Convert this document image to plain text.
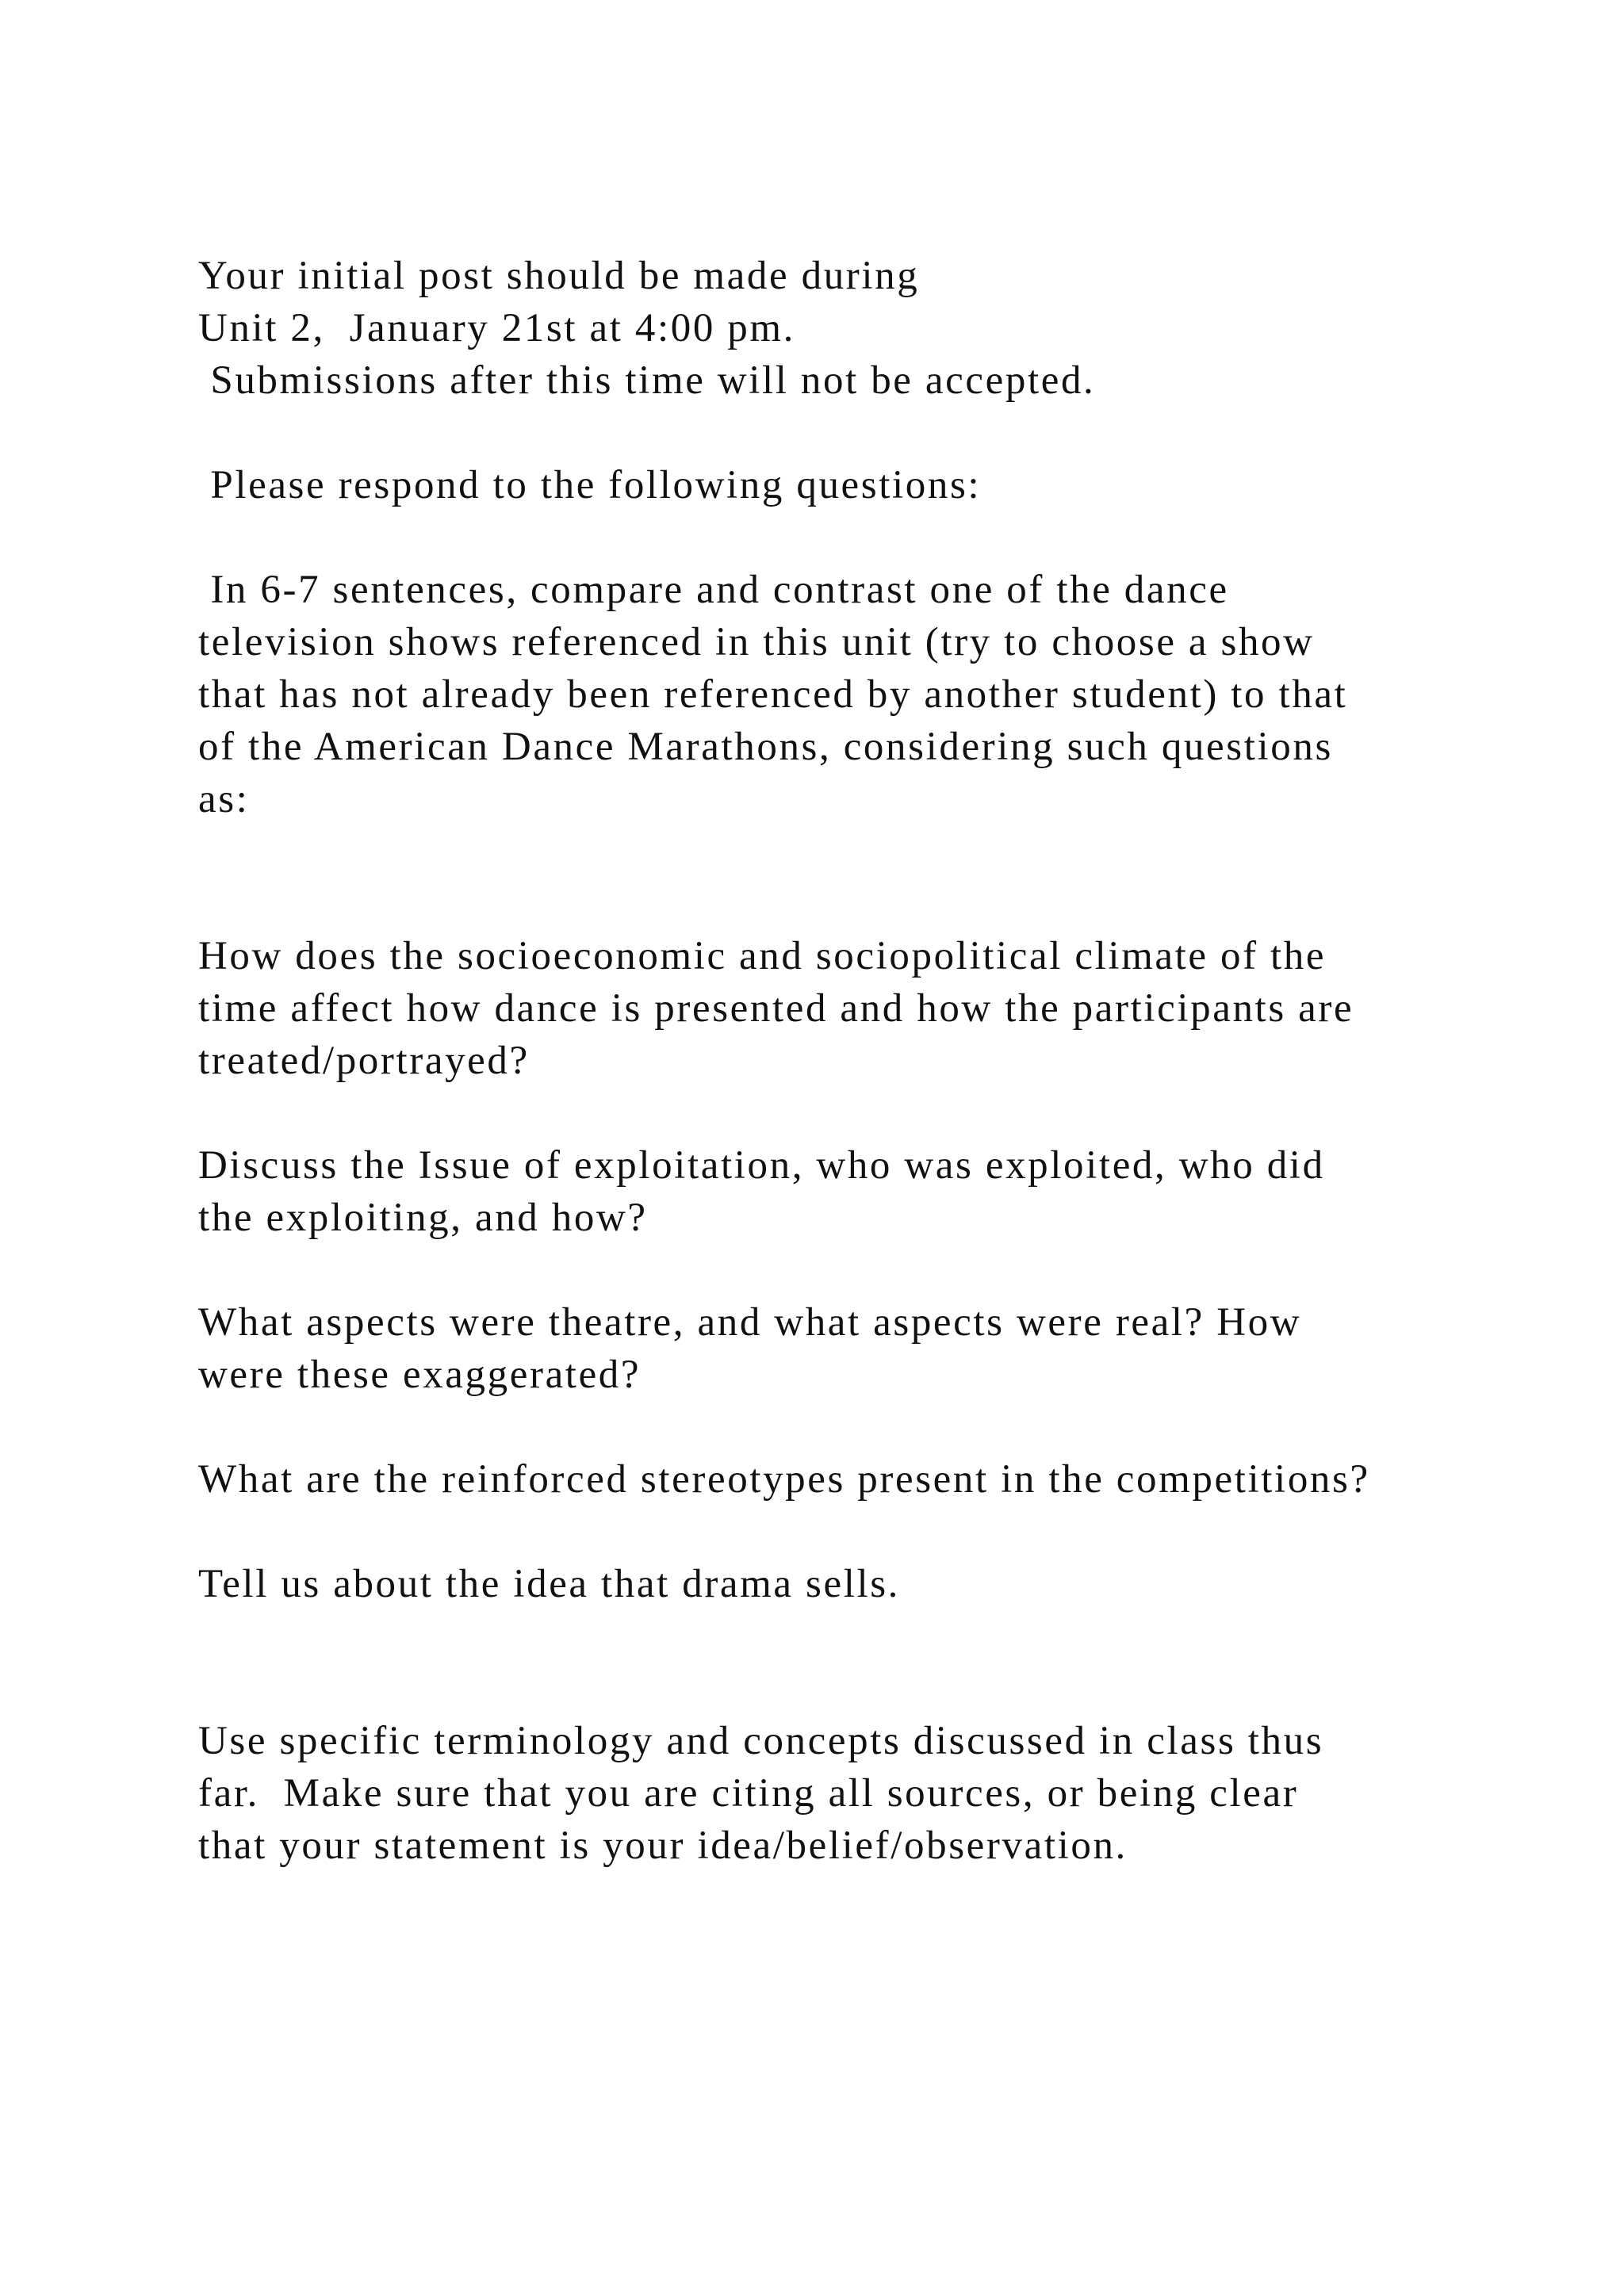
Your initial post should be made during
Unit 2,  January 21st at 4:00 pm.
Submissions after this time will not be accepted.
Please respond to the following questions:
In 6-7 sentences, compare and contrast one of the dance
television shows referenced in this unit (try to choose a show
that has not already been referenced by another student) to that
of the American Dance Marathons, considering such questions
as:
How does the socioeconomic and sociopolitical climate of the
time affect how dance is presented and how the participants are
treated/portrayed?
Discuss the Issue of exploitation, who was exploited, who did
the exploiting, and how?
What aspects were theatre, and what aspects were real? How
were these exaggerated?
What are the reinforced stereotypes present in the competitions?
Tell us about the idea that drama sells.
Use specific terminology and concepts discussed in class thus
far.  Make sure that you are citing all sources, or being clear
that your statement is your idea/belief/observation.
